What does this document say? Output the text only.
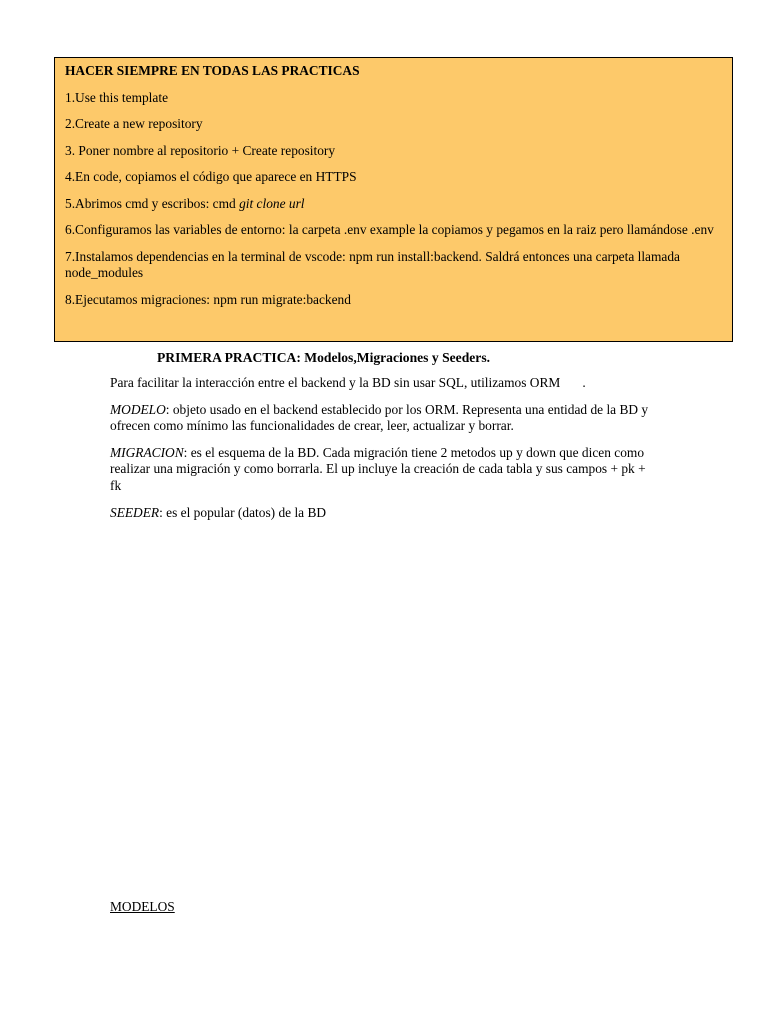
HACER SIEMPRE EN TODAS LAS PRACTICAS

1.Use this template

2.Create a new repository

3. Poner nombre al repositorio + Create repository

4.En code, copiamos el código que aparece en HTTPS

5.Abrimos cmd y escribos: cmd git clone url

6.Configuramos las variables de entorno: la carpeta .env example la copiamos y pegamos en la raiz pero llamándose .env

7.Instalamos dependencias en la terminal de vscode: npm run install:backend. Saldrá entonces una carpeta llamada node_modules

8.Ejecutamos migraciones: npm run migrate:backend

PRIMERA PRACTICA: Modelos,Migraciones y Seeders.

Para facilitar la interacción entre el backend y la BD sin usar SQL, utilizamos ORM .

MODELO: objeto usado en el backend establecido por los ORM. Representa una entidad de la BD y ofrecen como mínimo las funcionalidades de crear, leer, actualizar y borrar.

MIGRACION: es el esquema de la BD. Cada migración tiene 2 metodos up y down que dicen como realizar una migración y como borrarla. El up incluye la creación de cada tabla y sus campos + pk + fk

SEEDER: es el popular (datos) de la BD

MODELOS
